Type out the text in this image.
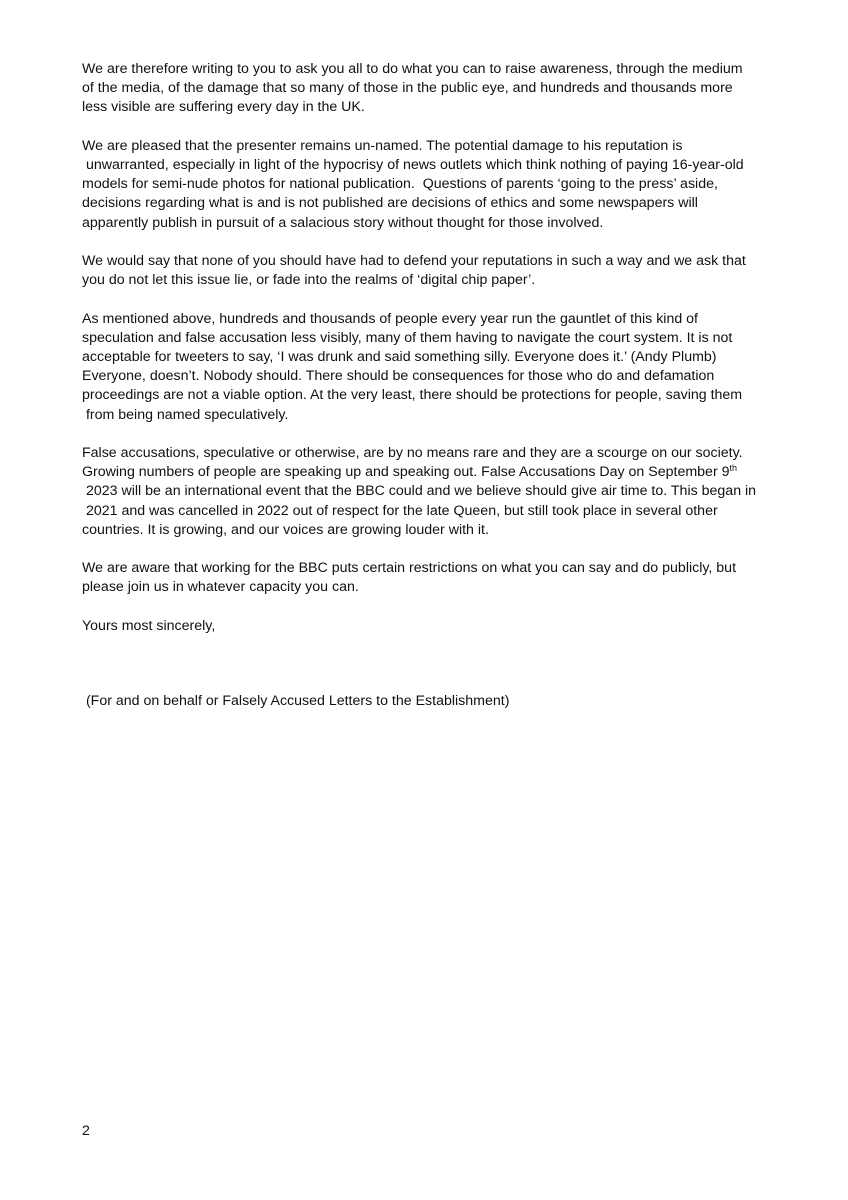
We are therefore writing to you to ask you all to do what you can to raise awareness, through the medium
of the media, of the damage that so many of those in the public eye, and hundreds and thousands more
less visible are suffering every day in the UK.

We are pleased that the presenter remains un-named. The potential damage to his reputation is
unwarranted, especially in light of the hypocrisy of news outlets which think nothing of paying 16-year-old
models for semi-nude photos for national publication.  Questions of parents ‘going to the press’ aside,
decisions regarding what is and is not published are decisions of ethics and some newspapers will
apparently publish in pursuit of a salacious story without thought for those involved.

We would say that none of you should have had to defend your reputations in such a way and we ask that
you do not let this issue lie, or fade into the realms of ‘digital chip paper’.

As mentioned above, hundreds and thousands of people every year run the gauntlet of this kind of
speculation and false accusation less visibly, many of them having to navigate the court system. It is not
acceptable for tweeters to say, ‘I was drunk and said something silly. Everyone does it.’ (Andy Plumb)
Everyone, doesn’t. Nobody should. There should be consequences for those who do and defamation
proceedings are not a viable option. At the very least, there should be protections for people, saving them
from being named speculatively.

False accusations, speculative or otherwise, are by no means rare and they are a scourge on our society.
Growing numbers of people are speaking up and speaking out. False Accusations Day on September 9th
2023 will be an international event that the BBC could and we believe should give air time to. This began in
2021 and was cancelled in 2022 out of respect for the late Queen, but still took place in several other
countries. It is growing, and our voices are growing louder with it.

We are aware that working for the BBC puts certain restrictions on what you can say and do publicly, but
please join us in whatever capacity you can.

Yours most sincerely,

(For and on behalf or Falsely Accused Letters to the Establishment)
2
